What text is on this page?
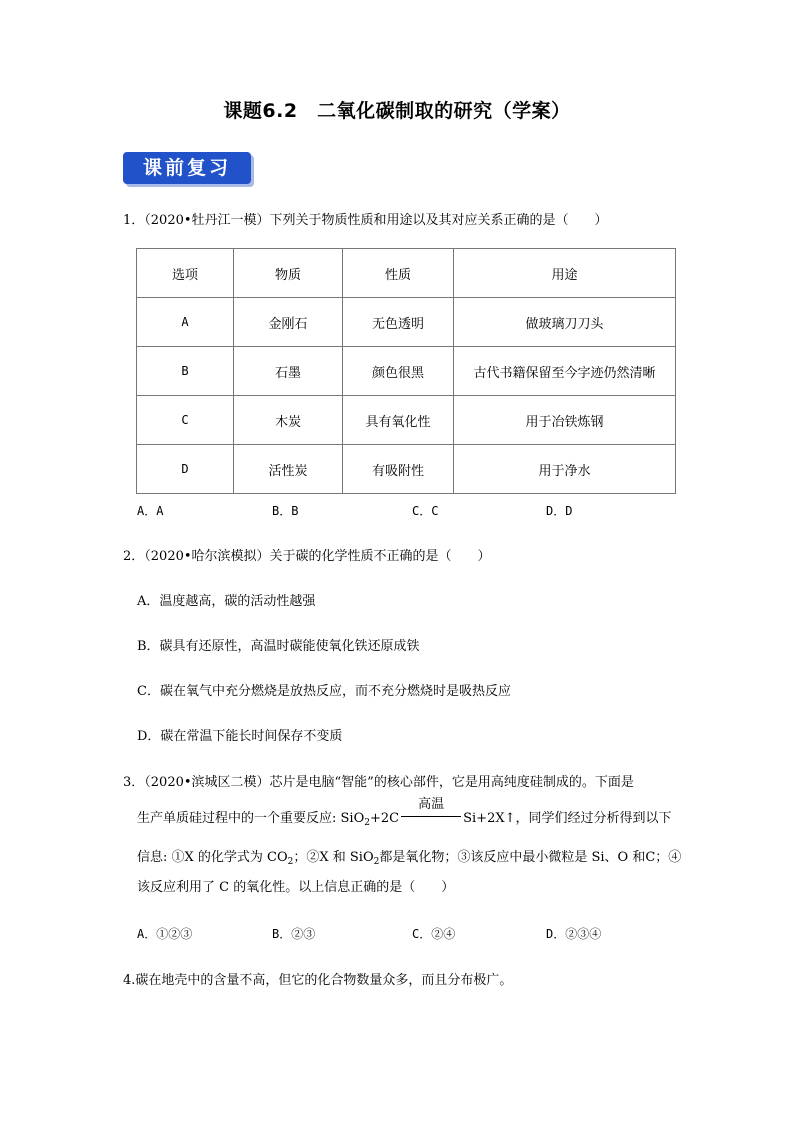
课题6.2　二氧化碳制取的研究（学案）
课前复习
1．（2020•牡丹江一模）下列关于物质性质和用途以及其对应关系正确的是（　　）
选项	物质	性质	用途
A	金刚石	无色透明	做玻璃刀刀头
B	石墨	颜色很黑	古代书籍保留至今字迹仍然清晰
C	木炭	具有氧化性	用于冶铁炼钢
D	活性炭	有吸附性	用于净水
A．A	B．B	C．C	D．D
2．（2020•哈尔滨模拟）关于碳的化学性质不正确的是（　　）
A．温度越高，碳的活动性越强
B．碳具有还原性，高温时碳能使氧化铁还原成铁
C．碳在氧气中充分燃烧是放热反应，而不充分燃烧时是吸热反应
D．碳在常温下能长时间保存不变质
3．（2020•滨城区二模）芯片是电脑“智能”的核心部件，它是用高纯度硅制成的。下面是
生产单质硅过程中的一个重要反应: SiO$_2$+2C
高温
Si+2X↑，同学们经过分析得到以下
信息: ①X 的化学式为 $CO_2$；②X 和 SiO$_2$都是氧化物；③该反应中最小微粒是 Si、O 和C；④
该反应利用了 C 的氧化性。以上信息正确的是（　　）
A．①②③	B．②③	C．②④	D．②③④
4.碳在地壳中的含量不高，但它的化合物数量众多，而且分布极广。
